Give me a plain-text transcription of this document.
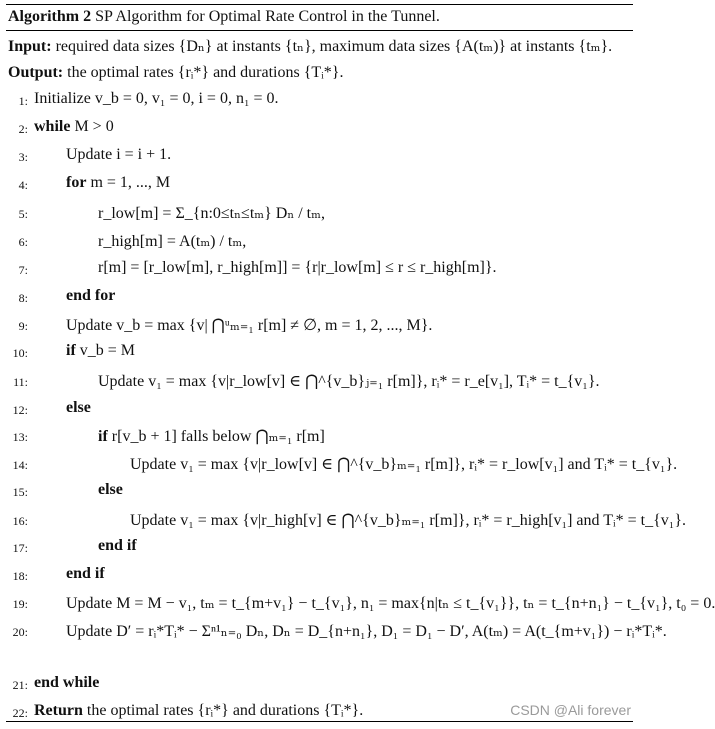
Algorithm 2 SP Algorithm for Optimal Rate Control in the Tunnel.
Input: required data sizes {Dₙ} at instants {tₙ}, maximum data sizes {A(tₘ)} at instants {tₘ}.
Output: the optimal rates {rᵢ*} and durations {Tᵢ*}.
1: Initialize v_b = 0, v₁ = 0, i = 0, n₁ = 0.
2: while M > 0
3: Update i = i + 1.
4: for m = 1, ..., M
5:	r_low[m] = Σ_{n:0≤tₙ≤tₘ} Dₙ / tₘ,
6:	r_high[m] = A(tₘ) / tₘ,
7:	r[m] = [r_low[m], r_high[m]] = {r|r_low[m] ≤ r ≤ r_high[m]}.
8: end for
9: Update v_b = max {v| ⋂ᵘₘ₌₁ r[m] ≠ ∅, m = 1, 2, ..., M}.
10: if v_b = M
11:	Update v₁ = max {v|r_low[v] ∈ ⋂^{v_b}ⱼ₌₁ r[m]}, rᵢ* = r_e[v₁], Tᵢ* = t_{v₁}.
12: else
13:	if r[v_b + 1] falls below ⋂ₘ₌₁ r[m]
14:	Update v₁ = max {v|r_low[v] ∈ ⋂^{v_b}ₘ₌₁ r[m]}, rᵢ* = r_low[v₁] and Tᵢ* = t_{v₁}.
15:	else
16:	Update v₁ = max {v|r_high[v] ∈ ⋂^{v_b}ₘ₌₁ r[m]}, rᵢ* = r_high[v₁] and Tᵢ* = t_{v₁}.
17:	end if
18: end if
19: Update M = M − v₁, tₘ = t_{m+v₁} − t_{v₁}, n₁ = max{n|tₙ ≤ t_{v₁}}, tₙ = t_{n+n₁} − t_{v₁}, t₀ = 0.
20: Update D′ = rᵢ*Tᵢ* − Σⁿ¹ₙ₌₀ Dₙ, Dₙ = D_{n+n₁}, D₁ = D₁ − D′, A(tₘ) = A(t_{m+v₁}) − rᵢ*Tᵢ*.
21: end while
22: Return the optimal rates {rᵢ*} and durations {Tᵢ*}.	CSDN @Ali forever
